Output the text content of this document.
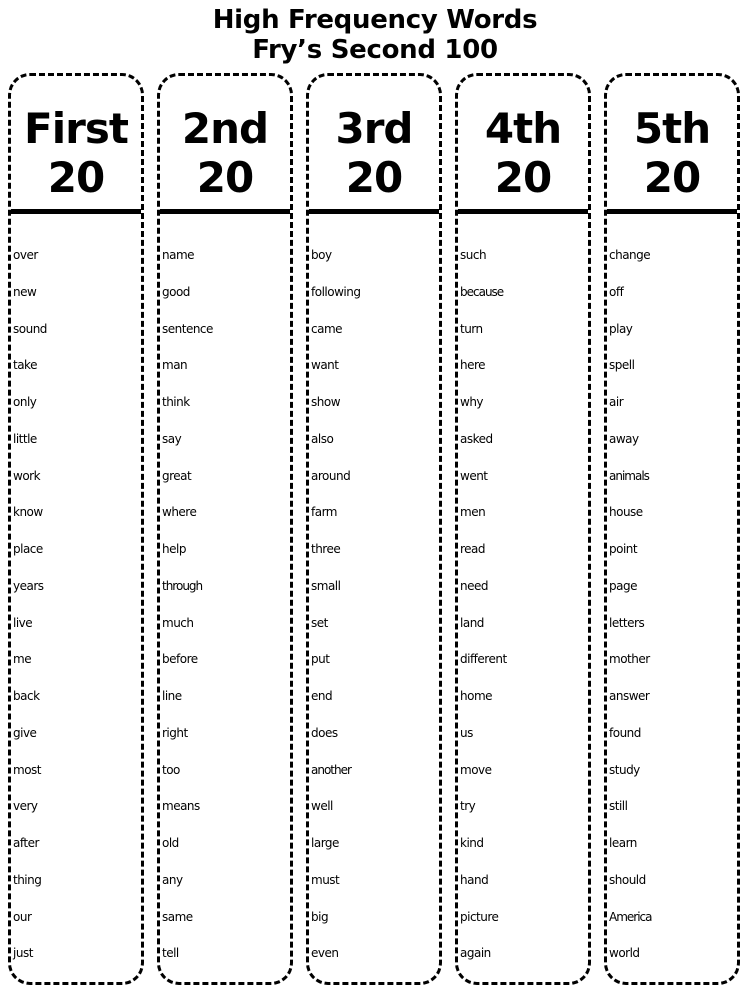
High Frequency Words
Fry’s Second 100
First
20
over
new
sound
take
only
little
work
know
place
years
live
me
back
give
most
very
after
thing
our
just
2nd
20
name
good
sentence
man
think
say
great
where
help
through
much
before
line
right
too
means
old
any
same
tell
3rd
20
boy
following
came
want
show
also
around
farm
three
small
set
put
end
does
another
well
large
must
big
even
4th
20
such
because
turn
here
why
asked
went
men
read
need
land
different
home
us
move
try
kind
hand
picture
again
5th
20
change
off
play
spell
air
away
animals
house
point
page
letters
mother
answer
found
study
still
learn
should
America
world
